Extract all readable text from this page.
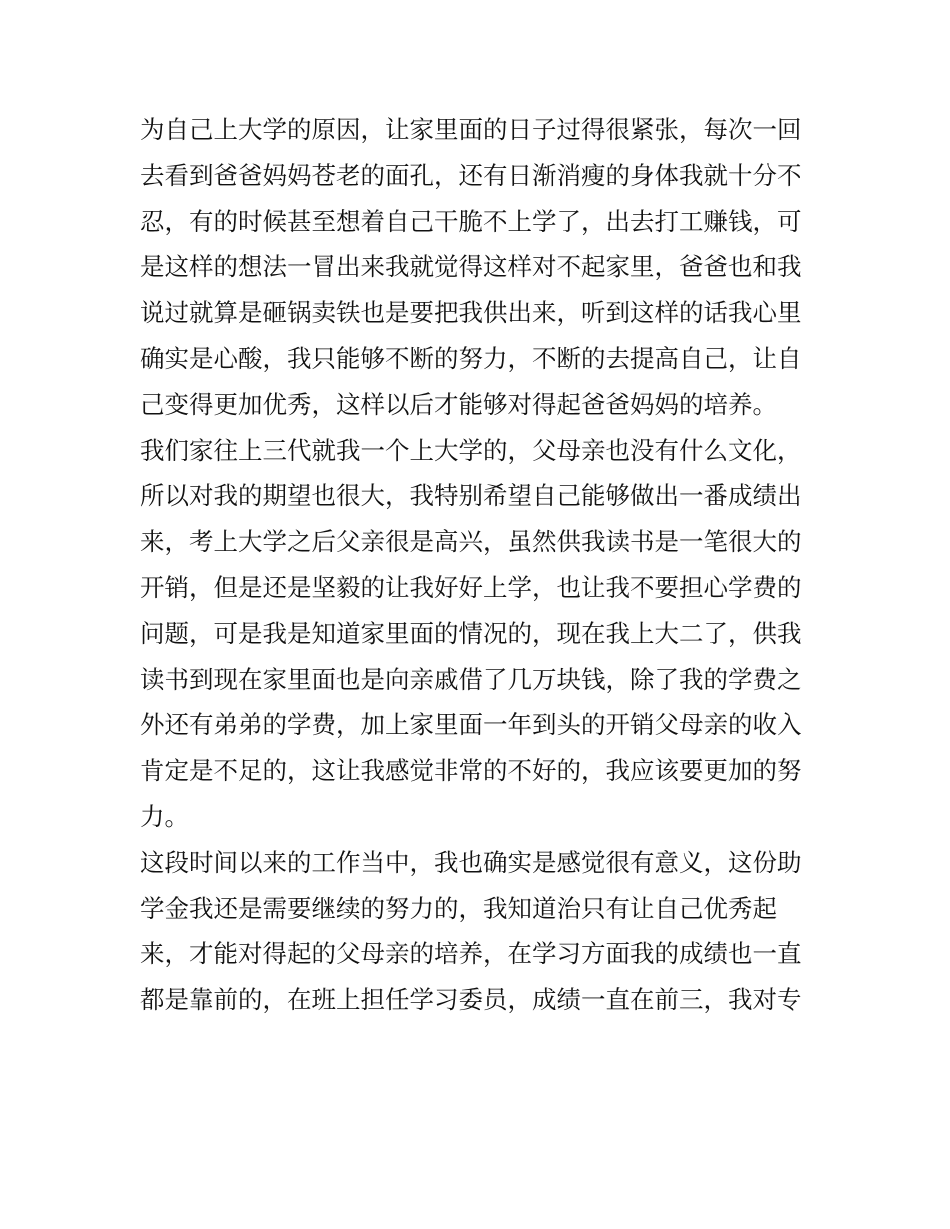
为自己上大学的原因，让家里面的日子过得很紧张，每次一回
去看到爸爸妈妈苍老的面孔，还有日渐消瘦的身体我就十分不
忍，有的时候甚至想着自己干脆不上学了，出去打工赚钱，可
是这样的想法一冒出来我就觉得这样对不起家里，爸爸也和我
说过就算是砸锅卖铁也是要把我供出来，听到这样的话我心里
确实是心酸，我只能够不断的努力，不断的去提高自己，让自
己变得更加优秀，这样以后才能够对得起爸爸妈妈的培养。
我们家往上三代就我一个上大学的，父母亲也没有什么文化，
所以对我的期望也很大，我特别希望自己能够做出一番成绩出
来，考上大学之后父亲很是高兴，虽然供我读书是一笔很大的
开销，但是还是坚毅的让我好好上学，也让我不要担心学费的
问题，可是我是知道家里面的情况的，现在我上大二了，供我
读书到现在家里面也是向亲戚借了几万块钱，除了我的学费之
外还有弟弟的学费，加上家里面一年到头的开销父母亲的收入
肯定是不足的，这让我感觉非常的不好的，我应该要更加的努
力。
这段时间以来的工作当中，我也确实是感觉很有意义，这份助
学金我还是需要继续的努力的，我知道治只有让自己优秀起
来，才能对得起的父母亲的培养，在学习方面我的成绩也一直
都是靠前的，在班上担任学习委员，成绩一直在前三，我对专
